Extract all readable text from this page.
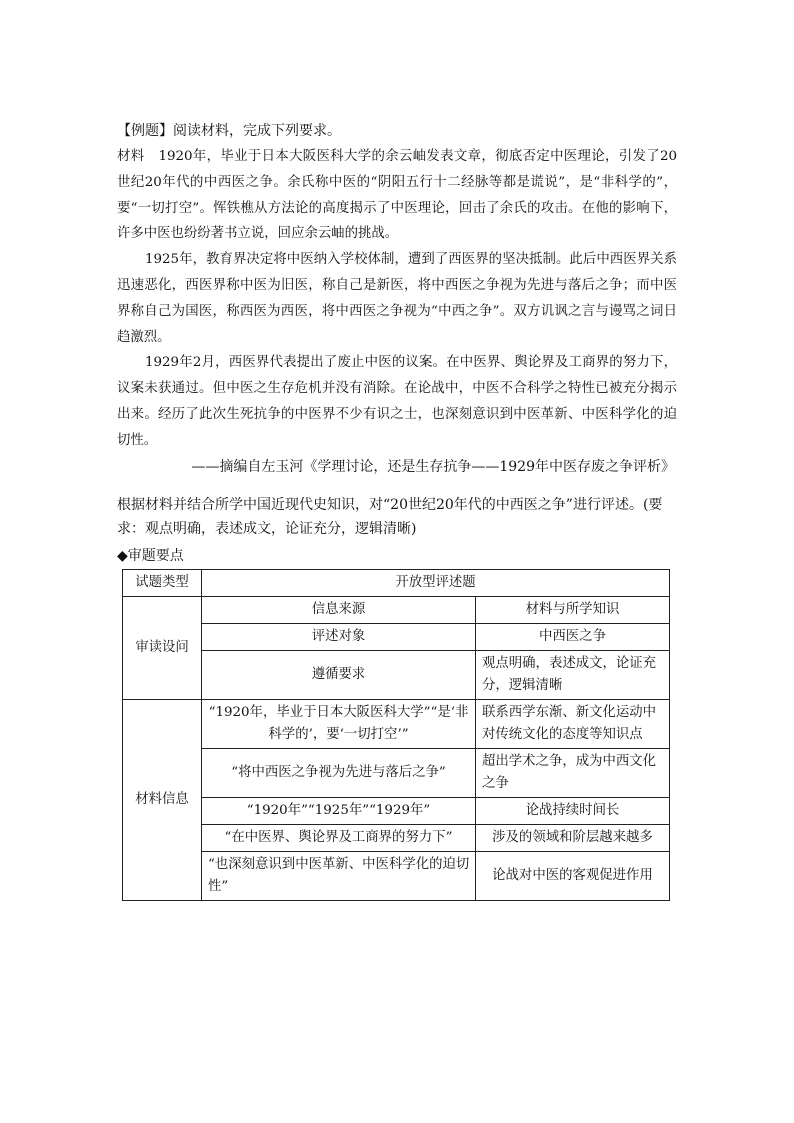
【例题】阅读材料，完成下列要求。

材料 1920年，毕业于日本大阪医科大学的余云岫发表文章，彻底否定中医理论，引发了20世纪20年代的中西医之争。余氏称中医的“阴阳五行十二经脉等都是谎说”，是“非科学的”，要“一切打空”。恽铁樵从方法论的高度揭示了中医理论，回击了余氏的攻击。在他的影响下，许多中医也纷纷著书立说，回应余云岫的挑战。

1925年，教育界决定将中医纳入学校体制，遭到了西医界的坚决抵制。此后中西医界关系迅速恶化，西医界称中医为旧医，称自己是新医，将中西医之争视为先进与落后之争；而中医界称自己为国医，称西医为西医，将中西医之争视为“中西之争”。双方讥讽之言与谩骂之词日趋激烈。

1929年2月，西医界代表提出了废止中医的议案。在中医界、舆论界及工商界的努力下，议案未获通过。但中医之生存危机并没有消除。在论战中，中医不合科学之特性已被充分揭示出来。经历了此次生死抗争的中医界不少有识之士，也深刻意识到中医革新、中医科学化的迫切性。

——摘编自左玉河《学理讨论，还是生存抗争——1929年中医存废之争评析》

根据材料并结合所学中国近现代史知识，对“20世纪20年代的中西医之争”进行评述。(要求：观点明确，表述成文，论证充分，逻辑清晰)

◆审题要点
试题类型	开放型评述题	
审读设问	信息来源	材料与所学知识
	评述对象	中西医之争
	遵循要求	观点明确，表述成文，论证充分，逻辑清晰
材料信息	“1920年，毕业于日本大阪医科大学”“是‘非科学的’，要‘一切打空’”	联系西学东渐、新文化运动中对传统文化的态度等知识点
	“将中西医之争视为先进与落后之争”	超出学术之争，成为中西文化之争
	“1920年”“1925年”“1929年”	论战持续时间长
	“在中医界、舆论界及工商界的努力下”	涉及的领域和阶层越来越多
	“也深刻意识到中医革新、中医科学化的迫切性”	论战对中医的客观促进作用
